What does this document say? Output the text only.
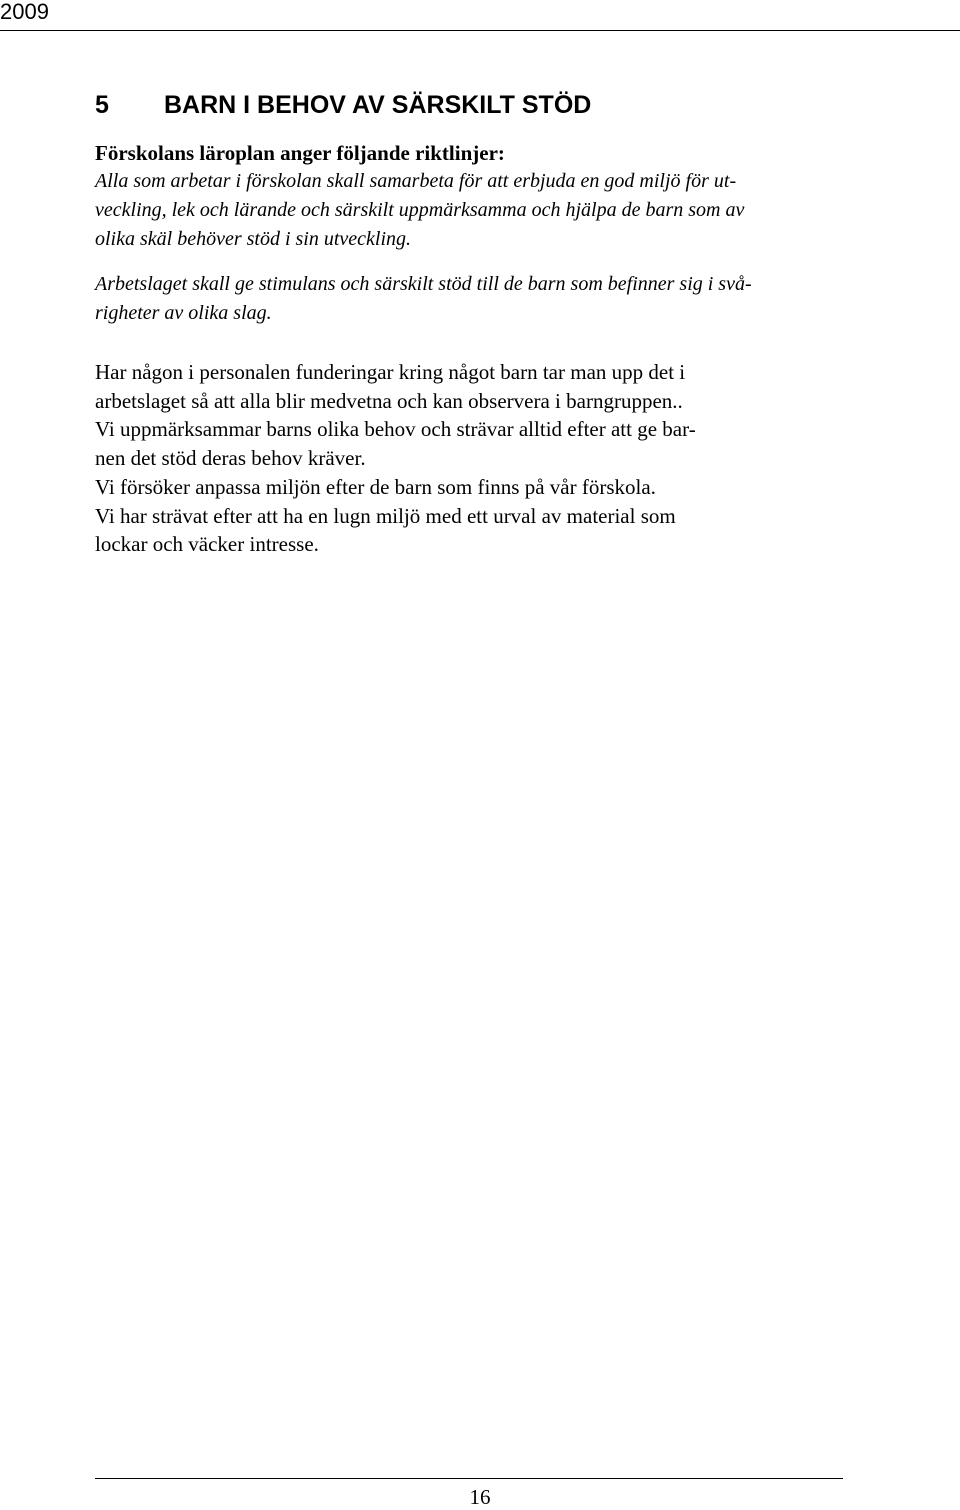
2009
5 BARN I BEHOV AV SÄRSKILT STÖD

Förskolans läroplan anger följande riktlinjer:

Alla som arbetar i förskolan skall samarbeta för att erbjuda en god miljö för ut-
veckling, lek och lärande och särskilt uppmärksamma och hjälpa de barn som av
olika skäl behöver stöd i sin utveckling.

Arbetslaget skall ge stimulans och särskilt stöd till de barn som befinner sig i svå-
righeter av olika slag.

Har någon i personalen funderingar kring något barn tar man upp det i
arbetslaget så att alla blir medvetna och kan observera i barngruppen..
Vi uppmärksammar barns olika behov och strävar alltid efter att ge bar-
nen det stöd deras behov kräver.
Vi försöker anpassa miljön efter de barn som finns på vår förskola.
Vi har strävat efter att ha en lugn miljö med ett urval av material som
lockar och väcker intresse.

16
